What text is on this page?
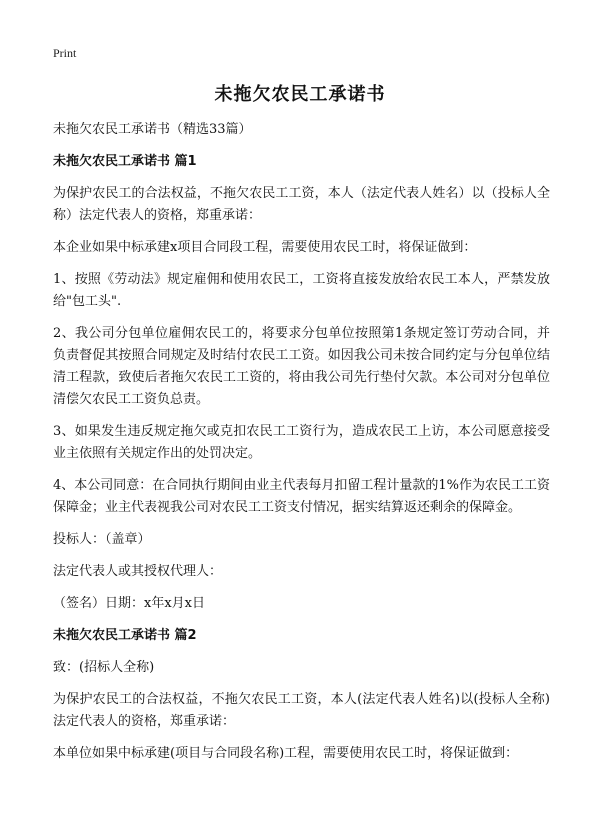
Print
未拖欠农民工承诺书

未拖欠农民工承诺书（精选33篇）

未拖欠农民工承诺书 篇1

为保护农民工的合法权益，不拖欠农民工工资，本人（法定代表人姓名）以（投标人全称）法定代表人的资格，郑重承诺：

本企业如果中标承建x项目合同段工程，需要使用农民工时，将保证做到：

1、按照《劳动法》规定雇佣和使用农民工，工资将直接发放给农民工本人，严禁发放给"包工头".

2、我公司分包单位雇佣农民工的，将要求分包单位按照第1条规定签订劳动合同，并负责督促其按照合同规定及时结付农民工工资。如因我公司未按合同约定与分包单位结清工程款，致使后者拖欠农民工工资的，将由我公司先行垫付欠款。本公司对分包单位清偿欠农民工工资负总责。

3、如果发生违反规定拖欠或克扣农民工工资行为，造成农民工上访，本公司愿意接受业主依照有关规定作出的处罚决定。

4、本公司同意：在合同执行期间由业主代表每月扣留工程计量款的1%作为农民工工资保障金；业主代表视我公司对农民工工资支付情况，据实结算返还剩余的保障金。

投标人：（盖章）

法定代表人或其授权代理人：

（签名）日期：x年x月x日

未拖欠农民工承诺书 篇2

致：(招标人全称)

为保护农民工的合法权益，不拖欠农民工工资，本人(法定代表人姓名)以(投标人全称)法定代表人的资格，郑重承诺：

本单位如果中标承建(项目与合同段名称)工程，需要使用农民工时，将保证做到：
